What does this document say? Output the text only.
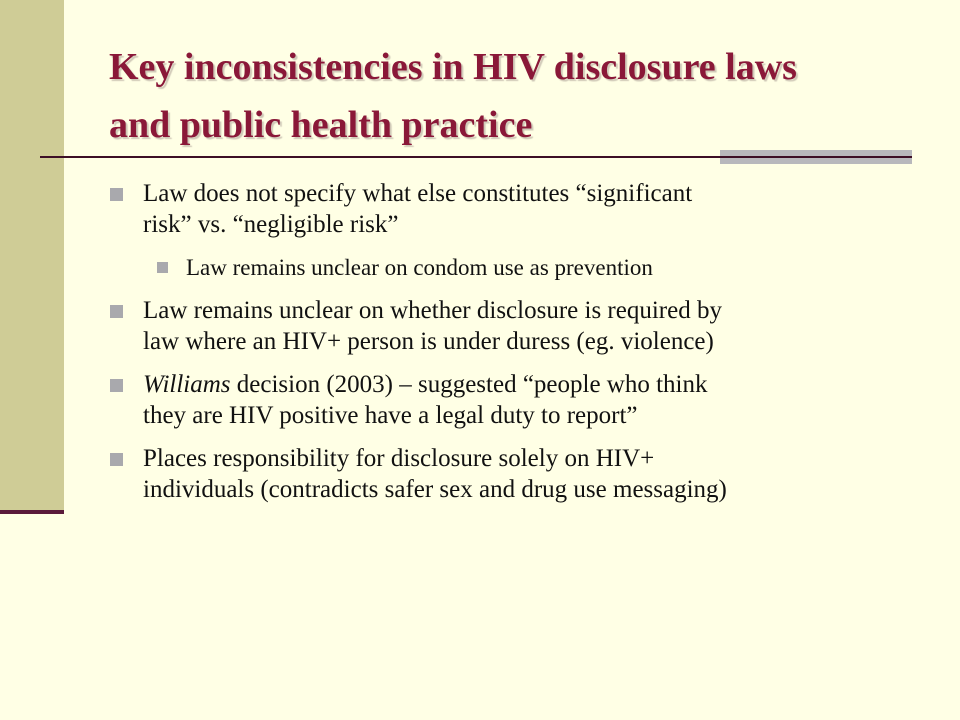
Key inconsistencies in HIV disclosure laws
and public health practice
Law does not specify what else constitutes “significant
risk” vs. “negligible risk”
Law remains unclear on condom use as prevention
Law remains unclear on whether disclosure is required by
law where an HIV+ person is under duress (eg. violence)
Williams decision (2003) – suggested “people who think
they are HIV positive have a legal duty to report”
Places responsibility for disclosure solely on HIV+
individuals (contradicts safer sex and drug use messaging)
